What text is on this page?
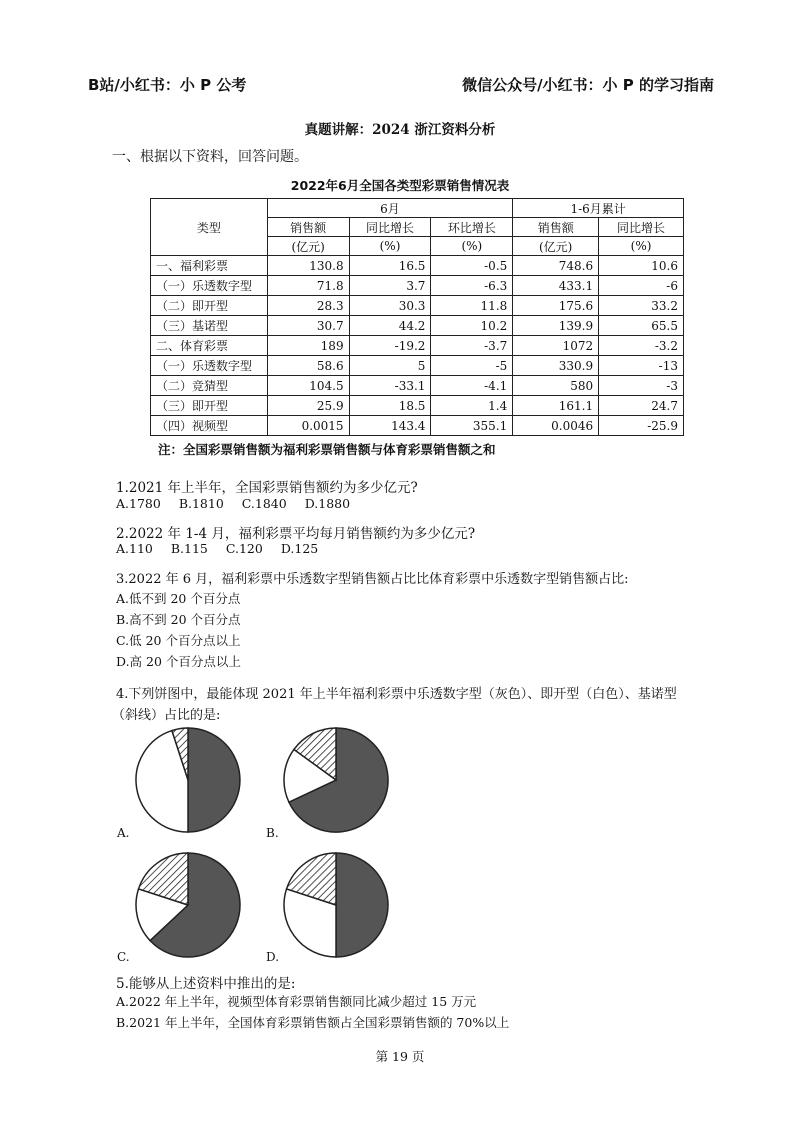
B站/小红书：小 P 公考	微信公众号/小红书：小 P 的学习指南
真题讲解：2024 浙江资料分析
一、根据以下资料，回答问题。
2022年6月全国各类型彩票销售情况表
类型	6月			1-6月累计	
	销售额	同比增长	环比增长	销售额	同比增长
	(亿元)	(%)	(%)	(亿元)	(%)
一、福利彩票	130.8	16.5	-0.5	748.6	10.6
（一）乐透数字型	71.8	3.7	-6.3	433.1	-6
（二）即开型	28.3	30.3	11.8	175.6	33.2
（三）基诺型	30.7	44.2	10.2	139.9	65.5
二、体育彩票	189	-19.2	-3.7	1072	-3.2
（一）乐透数字型	58.6	5	-5	330.9	-13
（二）竞猜型	104.5	-33.1	-4.1	580	-3
（三）即开型	25.9	18.5	1.4	161.1	24.7
（四）视频型	0.0015	143.4	355.1	0.0046	-25.9
注：全国彩票销售额为福利彩票销售额与体育彩票销售额之和
1.2021 年上半年，全国彩票销售额约为多少亿元?
A.1780 B.1810 C.1840 D.1880
2.2022 年 1-4 月，福利彩票平均每月销售额约为多少亿元?
A.110 B.115 C.120 D.125
3.2022 年 6 月，福利彩票中乐透数字型销售额占比比体育彩票中乐透数字型销售额占比:
A.低不到 20 个百分点
B.高不到 20 个百分点
C.低 20 个百分点以上
D.高 20 个百分点以上
4.下列饼图中，最能体现 2021 年上半年福利彩票中乐透数字型（灰色）、即开型（白色）、基诺型
（斜线）占比的是:
A.	B.
C.	D.
5.能够从上述资料中推出的是:
A.2022 年上半年，视频型体育彩票销售额同比减少超过 15 万元
B.2021 年上半年，全国体育彩票销售额占全国彩票销售额的 70%以上
第 19 页
